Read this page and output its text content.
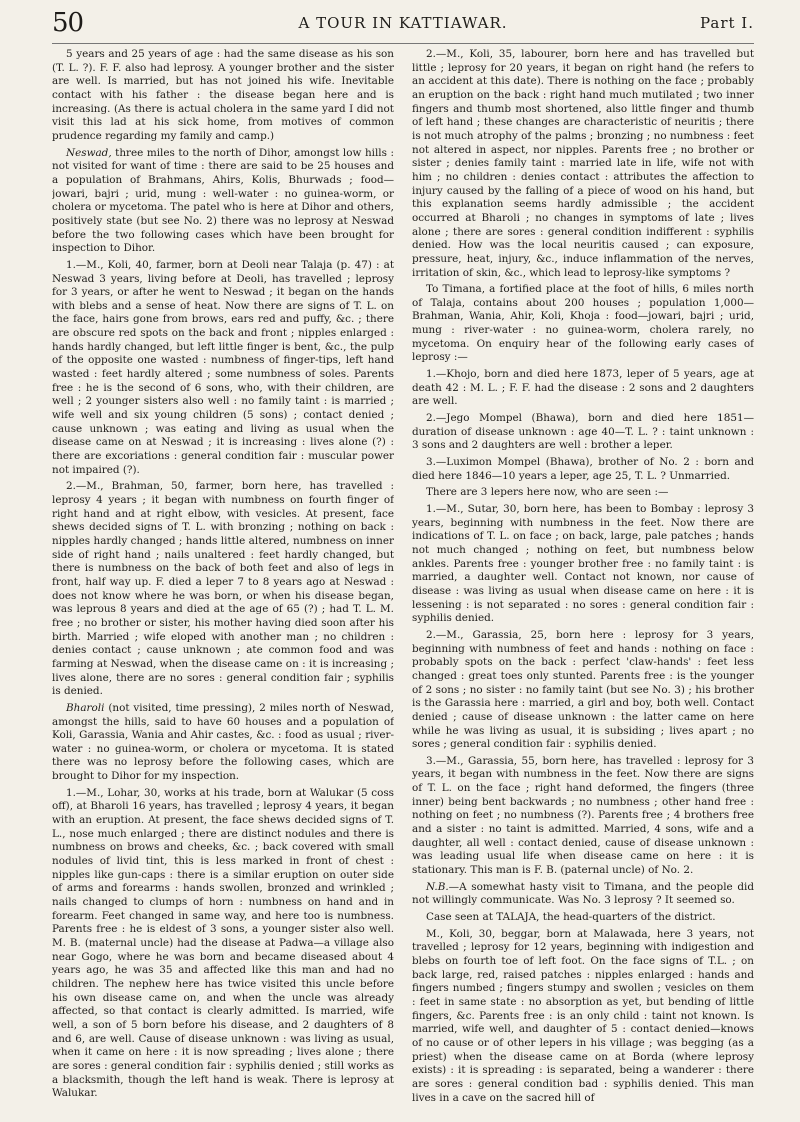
50	A TOUR IN KATTIAWAR.	Part I.

5 years and 25 years of age : had the same disease as his son (T. L. ?). F. F. also had leprosy. A younger brother and the sister are well. Is married, but has not joined his wife. Inevitable contact with his father : the disease began here and is increasing. (As there is actual cholera in the same yard I did not visit this lad at his sick home, from motives of common prudence regarding my family and camp.)

Neswad, three miles to the north of Dihor, amongst low hills : not visited for want of time : there are said to be 25 houses and a population of Brahmans, Ahirs, Kolis, Bhurwads ; food—jowari, bajri ; urid, mung : well-water : no guinea-worm, or cholera or mycetoma. The patel who is here at Dihor and others, positively state (but see No. 2) there was no leprosy at Neswad before the two following cases which have been brought for inspection to Dihor.

1.—M., Koli, 40, farmer, born at Deoli near Talaja (p. 47) : at Neswad 3 years, living before at Deoli, has travelled ; leprosy for 3 years, or after he went to Neswad ; it began on the hands with blebs and a sense of heat. Now there are signs of T. L. on the face, hairs gone from brows, ears red and puffy, &c. ; there are obscure red spots on the back and front ; nipples enlarged : hands hardly changed, but left little finger is bent, &c., the pulp of the opposite one wasted : numbness of finger-tips, left hand wasted : feet hardly altered ; some numbness of soles. Parents free : he is the second of 6 sons, who, with their children, are well ; 2 younger sisters also well : no family taint : is married ; wife well and six young children (5 sons) ; contact denied ; cause unknown ; was eating and living as usual when the disease came on at Neswad ; it is increasing : lives alone (?) : there are excoriations : general condition fair : muscular power not impaired (?).

2.—M., Brahman, 50, farmer, born here, has travelled : leprosy 4 years ; it began with numbness on fourth finger of right hand and at right elbow, with vesicles. At present, face shews decided signs of T. L. with bronzing ; nothing on back : nipples hardly changed ; hands little altered, numbness on inner side of right hand ; nails unaltered : feet hardly changed, but there is numbness on the back of both feet and also of legs in front, half way up. F. died a leper 7 to 8 years ago at Neswad : does not know where he was born, or when his disease began, was leprous 8 years and died at the age of 65 (?) ; had T. L. M. free ; no brother or sister, his mother having died soon after his birth. Married ; wife eloped with another man ; no children : denies contact ; cause unknown ; ate common food and was farming at Neswad, when the disease came on : it is increasing ; lives alone, there are no sores : general condition fair ; syphilis is denied.

Bharoli (not visited, time pressing), 2 miles north of Neswad, amongst the hills, said to have 60 houses and a population of Koli, Garassia, Wania and Ahir castes, &c. : food as usual ; river-water : no guinea-worm, or cholera or mycetoma. It is stated there was no leprosy before the following cases, which are brought to Dihor for my inspection.

1.—M., Lohar, 30, works at his trade, born at Walukar (5 coss off), at Bharoli 16 years, has travelled ; leprosy 4 years, it began with an eruption. At present, the face shews decided signs of T. L., nose much enlarged ; there are distinct nodules and there is numbness on brows and cheeks, &c. ; back covered with small nodules of livid tint, this is less marked in front of chest : nipples like gun-caps : there is a similar eruption on outer side of arms and forearms : hands swollen, bronzed and wrinkled ; nails changed to clumps of horn : numbness on hand and in forearm. Feet changed in same way, and here too is numbness. Parents free : he is eldest of 3 sons, a younger sister also well. M. B. (maternal uncle) had the disease at Padwa—a village also near Gogo, where he was born and became diseased about 4 years ago, he was 35 and affected like this man and had no children. The nephew here has twice visited this uncle before his own disease came on, and when the uncle was already affected, so that contact is clearly admitted. Is married, wife well, a son of 5 born before his disease, and 2 daughters of 8 and 6, are well. Cause of disease unknown : was living as usual, when it came on here : it is now spreading ; lives alone ; there are sores : general condition fair : syphilis denied ; still works as a blacksmith, though the left hand is weak. There is leprosy at Walukar.

2.—M., Koli, 35, labourer, born here and has travelled but little ; leprosy for 20 years, it began on right hand (he refers to an accident at this date). There is nothing on the face ; probably an eruption on the back : right hand much mutilated ; two inner fingers and thumb most shortened, also little finger and thumb of left hand ; these changes are characteristic of neuritis ; there is not much atrophy of the palms ; bronzing ; no numbness : feet not altered in aspect, nor nipples. Parents free ; no brother or sister ; denies family taint : married late in life, wife not with him ; no children : denies contact : attributes the affection to injury caused by the falling of a piece of wood on his hand, but this explanation seems hardly admissible ; the accident occurred at Bharoli ; no changes in symptoms of late ; lives alone ; there are sores : general condition indifferent : syphilis denied. How was the local neuritis caused ; can exposure, pressure, heat, injury, &c., induce inflammation of the nerves, irritation of skin, &c., which lead to leprosy-like symptoms ?

To Timana, a fortified place at the foot of hills, 6 miles north of Talaja, contains about 200 houses ; population 1,000—Brahman, Wania, Ahir, Koli, Khoja : food—jowari, bajri ; urid, mung : river-water : no guinea-worm, cholera rarely, no mycetoma. On enquiry hear of the following early cases of leprosy :—

1.—Khojo, born and died here 1873, leper of 5 years, age at death 42 : M. L. ; F. F. had the disease : 2 sons and 2 daughters are well.

2.—Jego Mompel (Bhawa), born and died here 1851—duration of disease unknown : age 40—T. L. ? : taint unknown : 3 sons and 2 daughters are well : brother a leper.

3.—Luximon Mompel (Bhawa), brother of No. 2 : born and died here 1846—10 years a leper, age 25, T. L. ? Unmarried.

There are 3 lepers here now, who are seen :—

1.—M., Sutar, 30, born here, has been to Bombay : leprosy 3 years, beginning with numbness in the feet. Now there are indications of T. L. on face ; on back, large, pale patches ; hands not much changed ; nothing on feet, but numbness below ankles. Parents free : younger brother free : no family taint : is married, a daughter well. Contact not known, nor cause of disease : was living as usual when disease came on here : it is lessening : is not separated : no sores : general condition fair : syphilis denied.

2.—M., Garassia, 25, born here : leprosy for 3 years, beginning with numbness of feet and hands : nothing on face : probably spots on the back : perfect 'claw-hands' : feet less changed : great toes only stunted. Parents free : is the younger of 2 sons ; no sister : no family taint (but see No. 3) ; his brother is the Garassia here : married, a girl and boy, both well. Contact denied ; cause of disease unknown : the latter came on here while he was living as usual, it is subsiding ; lives apart ; no sores ; general condition fair : syphilis denied.

3.—M., Garassia, 55, born here, has travelled : leprosy for 3 years, it began with numbness in the feet. Now there are signs of T. L. on the face ; right hand deformed, the fingers (three inner) being bent backwards ; no numbness ; other hand free : nothing on feet ; no numbness (?). Parents free ; 4 brothers free and a sister : no taint is admitted. Married, 4 sons, wife and a daughter, all well : contact denied, cause of disease unknown : was leading usual life when disease came on here : it is stationary. This man is F. B. (paternal uncle) of No. 2.

N.B.—A somewhat hasty visit to Timana, and the people did not willingly communicate. Was No. 3 leprosy ? It seemed so.

Case seen at TALAJA, the head-quarters of the district.

M., Koli, 30, beggar, born at Malawada, here 3 years, not travelled ; leprosy for 12 years, beginning with indigestion and blebs on fourth toe of left foot. On the face signs of T.L. ; on back large, red, raised patches : nipples enlarged : hands and fingers numbed ; fingers stumpy and swollen ; vesicles on them : feet in same state : no absorption as yet, but bending of little fingers, &c. Parents free : is an only child : taint not known. Is married, wife well, and daughter of 5 : contact denied—knows of no cause or of other lepers in his village ; was begging (as a priest) when the disease came on at Borda (where leprosy exists) : it is spreading : is separated, being a wanderer : there are sores : general condition bad : syphilis denied. This man lives in a cave on the sacred hill of
